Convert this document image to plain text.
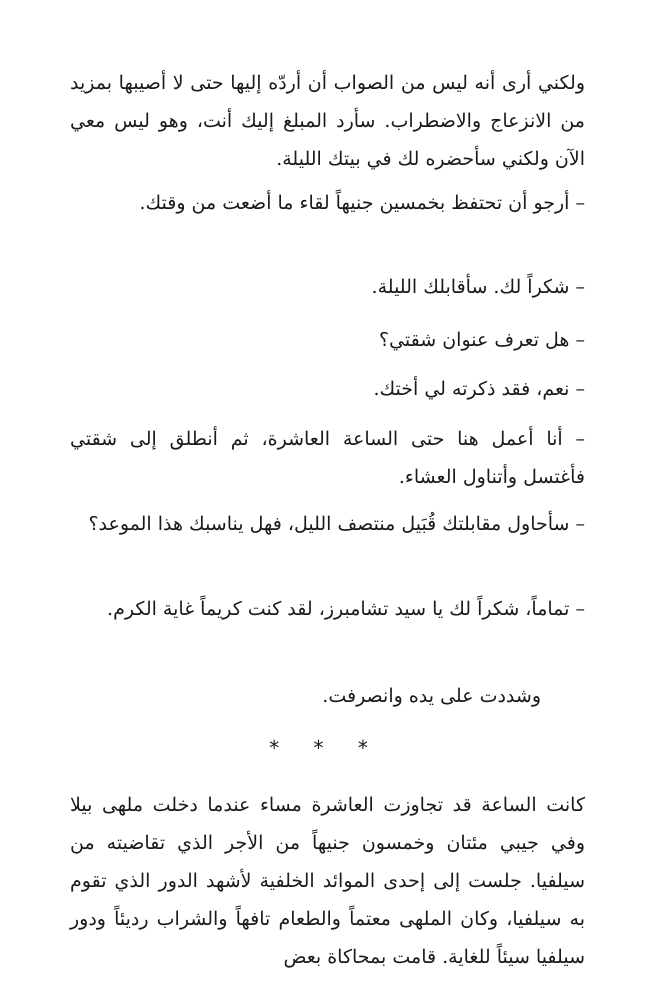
ولكني أرى أنه ليس من الصواب أن أردّه إليها حتى لا أصيبها بمزيد من الانزعاج والاضطراب. سأرد المبلغ إليك أنت، وهو ليس معي الآن ولكني سأحضره لك في بيتك الليلة.

– أرجو أن تحتفظ بخمسين جنيهاً لقاء ما أضعت من وقتك.

– شكراً لك. سأقابلك الليلة.

– هل تعرف عنوان شقتي؟

– نعم، فقد ذكرته لي أختك.

– أنا أعمل هنا حتى الساعة العاشرة، ثم أنطلق إلى شقتي فأغتسل وأتناول العشاء.

– سأحاول مقابلتك قُبَيل منتصف الليل، فهل يناسبك هذا الموعد؟

– تماماً، شكراً لك يا سيد تشامبرز، لقد كنت كريماً غاية الكرم.

وشددت على يده وانصرفت.

* * *

كانت الساعة قد تجاوزت العاشرة مساء عندما دخلت ملهى بيلا وفي جيبي مئتان وخمسون جنيهاً من الأجر الذي تقاضيته من سيلفيا. جلست إلى إحدى الموائد الخلفية لأشهد الدور الذي تقوم به سيلفيا، وكان الملهى معتماً والطعام تافهاً والشراب رديئاً ودور سيلفيا سيئاً للغاية. قامت بمحاكاة بعض
